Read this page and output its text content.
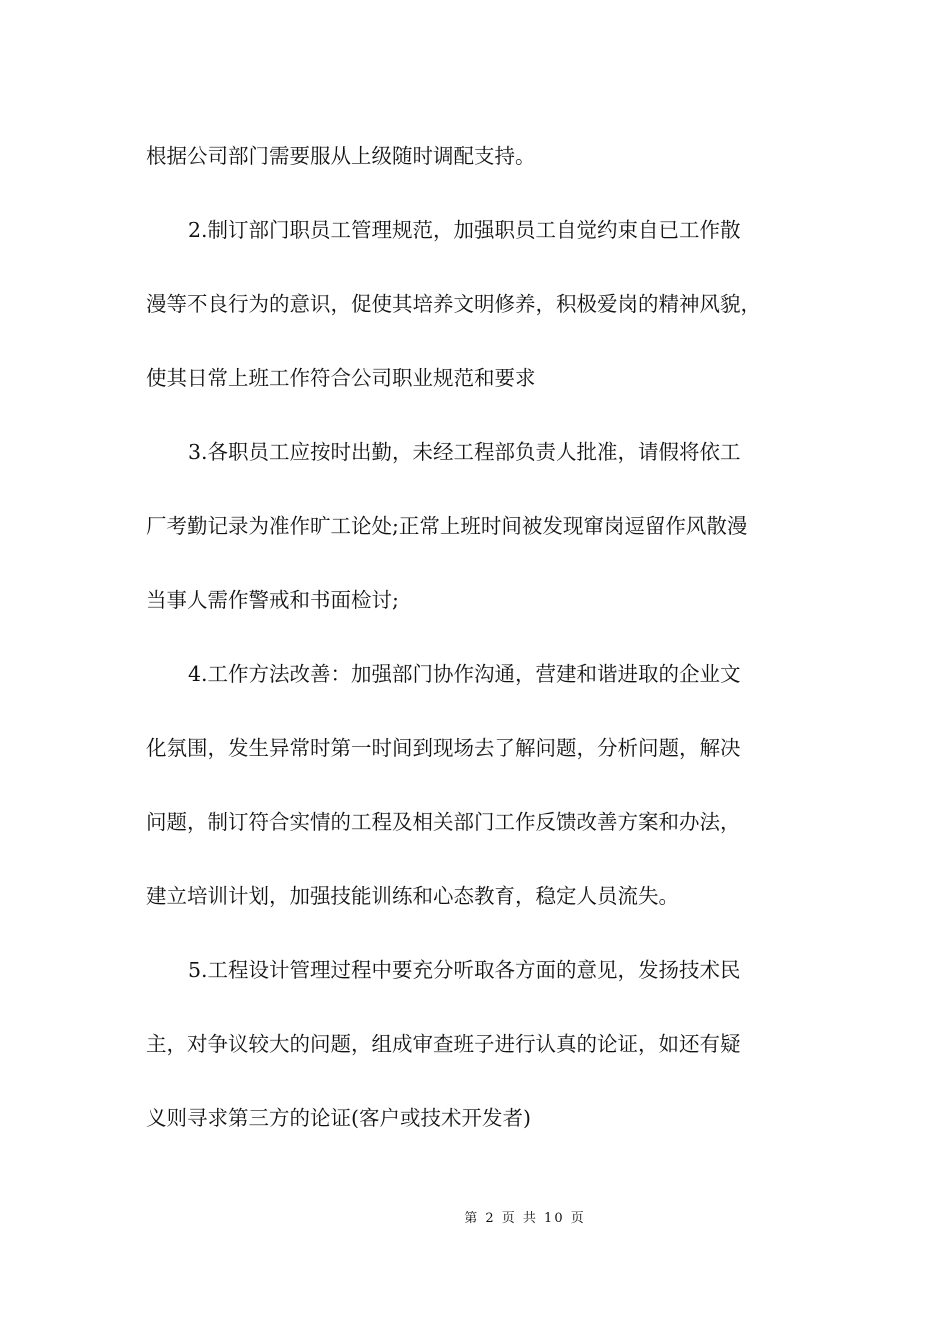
根据公司部门需要服从上级随时调配支持。
2.制订部门职员工管理规范，加强职员工自觉约束自已工作散
漫等不良行为的意识，促使其培养文明修养，积极爱岗的精神风貌，
使其日常上班工作符合公司职业规范和要求
3.各职员工应按时出勤，未经工程部负责人批准，请假将依工
厂考勤记录为准作旷工论处;正常上班时间被发现窜岗逗留作风散漫
当事人需作警戒和书面检讨;
4.工作方法改善：加强部门协作沟通，营建和谐进取的企业文
化氛围，发生异常时第一时间到现场去了解问题，分析问题，解决
问题，制订符合实情的工程及相关部门工作反馈改善方案和办法，
建立培训计划，加强技能训练和心态教育，稳定人员流失。
5.工程设计管理过程中要充分听取各方面的意见，发扬技术民
主，对争议较大的问题，组成审查班子进行认真的论证，如还有疑
义则寻求第三方的论证(客户或技术开发者)
第 2 页 共 10 页
